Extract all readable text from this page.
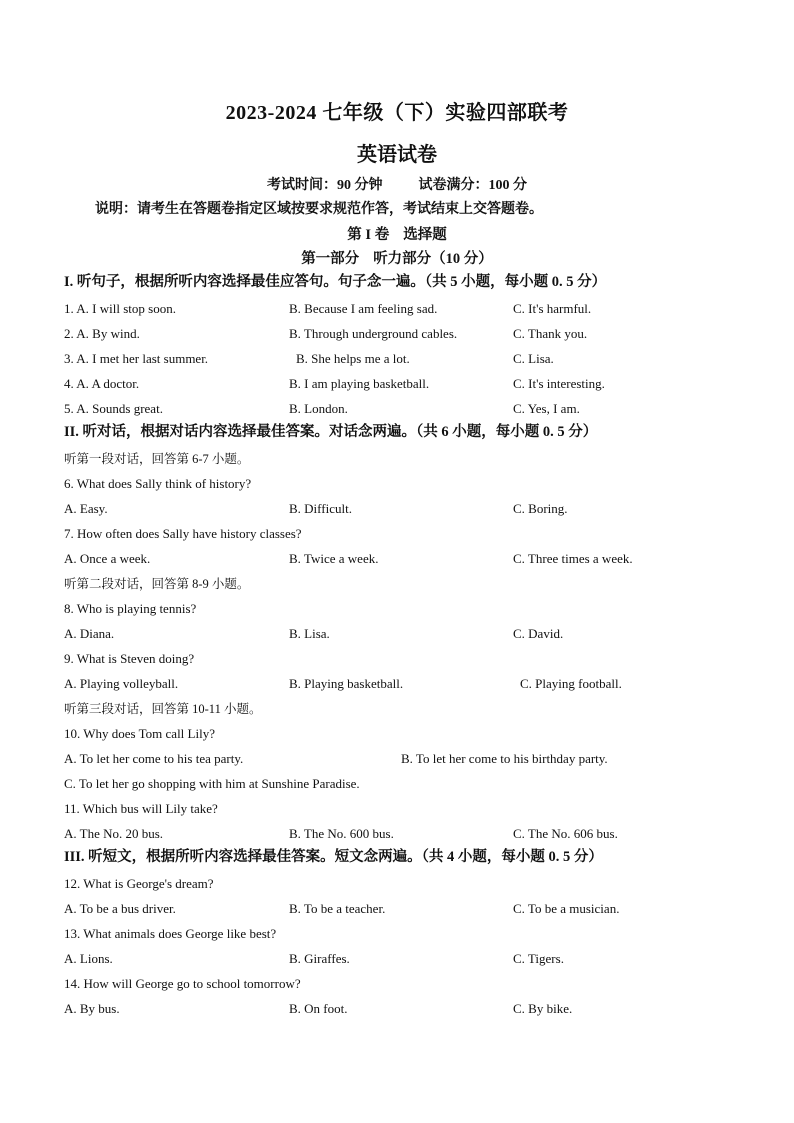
2023-2024 七年级（下）实验四部联考
英语试卷
考试时间：90 分钟	试卷满分：100 分
说明：请考生在答题卷指定区域按要求规范作答，考试结束上交答题卷。
第 I 卷 选择题
第一部分 听力部分（10 分）
I. 听句子，根据所听内容选择最佳应答句。句子念一遍。（共 5 小题，每小题 0. 5 分）
1. A. I will stop soon.	B. Because I am feeling sad.	C. It's harmful.
2. A. By wind.	B. Through underground cables.	C. Thank you.
3. A. I met her last summer.	B. She helps me a lot.	C. Lisa.
4. A. A doctor.	B. I am playing basketball.	C. It's interesting.
5. A. Sounds great.	B. London.	C. Yes, I am.
II. 听对话，根据对话内容选择最佳答案。对话念两遍。（共 6 小题，每小题 0. 5 分）
听第一段对话，回答第 6-7 小题。
6. What does Sally think of history?
A. Easy.	B. Difficult.	C. Boring.
7. How often does Sally have history classes?
A. Once a week.	B. Twice a week.	C. Three times a week.
听第二段对话，回答第 8-9 小题。
8. Who is playing tennis?
A. Diana.	B. Lisa.	C. David.
9. What is Steven doing?
A. Playing volleyball.	B. Playing basketball.	C. Playing football.
听第三段对话，回答第 10-11 小题。
10. Why does Tom call Lily?
A. To let her come to his tea party.	B. To let her come to his birthday party.
C. To let her go shopping with him at Sunshine Paradise.
11. Which bus will Lily take?
A. The No. 20 bus.	B. The No. 600 bus.	C. The No. 606 bus.
III. 听短文，根据所听内容选择最佳答案。短文念两遍。（共 4 小题，每小题 0. 5 分）
12. What is George's dream?
A. To be a bus driver.	B. To be a teacher.	C. To be a musician.
13. What animals does George like best?
A. Lions.	B. Giraffes.	C. Tigers.
14. How will George go to school tomorrow?
A. By bus.	B. On foot.	C. By bike.
